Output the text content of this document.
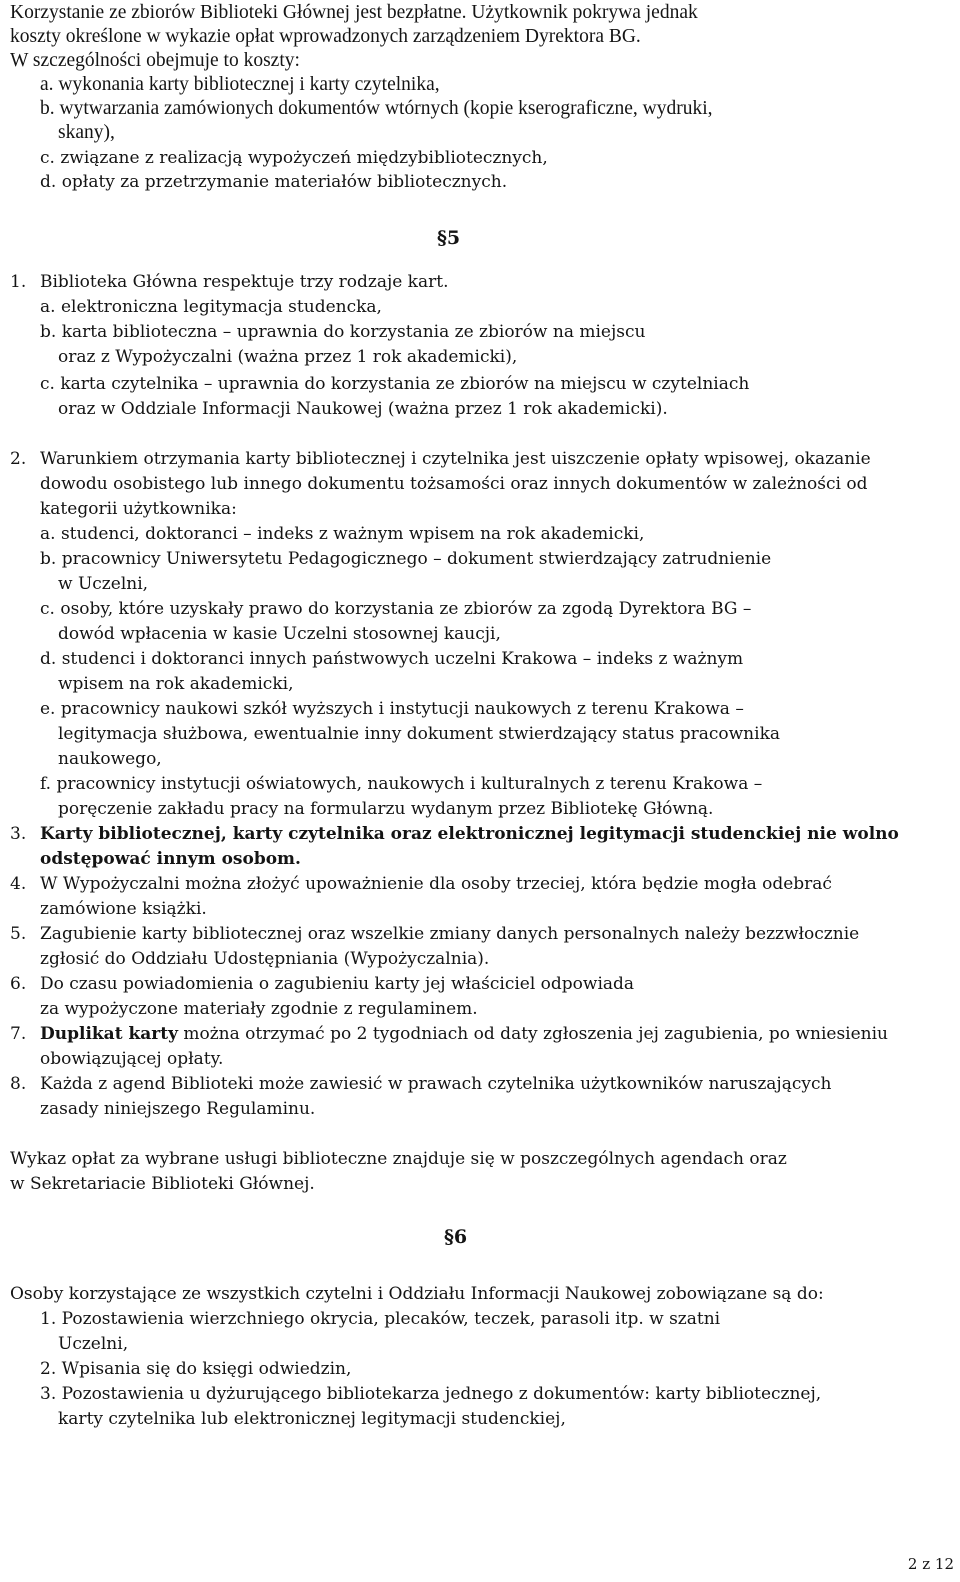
Korzystanie ze zbiorów Biblioteki Głównej jest bezpłatne. Użytkownik pokrywa jednak
koszty określone w wykazie opłat wprowadzonych zarządzeniem Dyrektora BG.
W szczególności obejmuje to koszty:
a. wykonania karty bibliotecznej i karty czytelnika,
b. wytwarzania zamówionych dokumentów wtórnych (kopie kserograficzne, wydruki,
skany),
c. związane z realizacją wypożyczeń międzybibliotecznych,
d. opłaty za przetrzymanie materiałów bibliotecznych.
§5
1. Biblioteka Główna respektuje trzy rodzaje kart.
a. elektroniczna legitymacja studencka,
b. karta biblioteczna – uprawnia do korzystania ze zbiorów na miejscu
oraz z Wypożyczalni (ważna przez 1 rok akademicki),
c. karta czytelnika – uprawnia do korzystania ze zbiorów na miejscu w czytelniach
oraz w Oddziale Informacji Naukowej (ważna przez 1 rok akademicki).
2. Warunkiem otrzymania karty bibliotecznej i czytelnika jest uiszczenie opłaty wpisowej, okazanie
dowodu osobistego lub innego dokumentu tożsamości oraz innych dokumentów w zależności od
kategorii użytkownika:
a. studenci, doktoranci – indeks z ważnym wpisem na rok akademicki,
b. pracownicy Uniwersytetu Pedagogicznego – dokument stwierdzający zatrudnienie
w Uczelni,
c. osoby, które uzyskały prawo do korzystania ze zbiorów za zgodą Dyrektora BG –
dowód wpłacenia w kasie Uczelni stosownej kaucji,
d. studenci i doktoranci innych państwowych uczelni Krakowa – indeks z ważnym
wpisem na rok akademicki,
e. pracownicy naukowi szkół wyższych i instytucji naukowych z terenu Krakowa –
legitymacja służbowa, ewentualnie inny dokument stwierdzający status pracownika
naukowego,
f. pracownicy instytucji oświatowych, naukowych i kulturalnych z terenu Krakowa –
poręczenie zakładu pracy na formularzu wydanym przez Bibliotekę Główną.
3. Karty bibliotecznej, karty czytelnika oraz elektronicznej legitymacji studenckiej nie wolno
odstępować innym osobom.
4. W Wypożyczalni można złożyć upoważnienie dla osoby trzeciej, która będzie mogła odebrać
zamówione książki.
5. Zagubienie karty bibliotecznej oraz wszelkie zmiany danych personalnych należy bezzwłocznie
zgłosić do Oddziału Udostępniania (Wypożyczalnia).
6. Do czasu powiadomienia o zagubieniu karty jej właściciel odpowiada
za wypożyczone materiały zgodnie z regulaminem.
7. Duplikat karty można otrzymać po 2 tygodniach od daty zgłoszenia jej zagubienia, po wniesieniu
obowiązującej opłaty.
8. Każda z agend Biblioteki może zawiesić w prawach czytelnika użytkowników naruszających
zasady niniejszego Regulaminu.
Wykaz opłat za wybrane usługi biblioteczne znajduje się w poszczególnych agendach oraz
w Sekretariacie Biblioteki Głównej.
§6
Osoby korzystające ze wszystkich czytelni i Oddziału Informacji Naukowej zobowiązane są do:
1. Pozostawienia wierzchniego okrycia, plecaków, teczek, parasoli itp. w szatni
Uczelni,
2. Wpisania się do księgi odwiedzin,
3. Pozostawienia u dyżurującego bibliotekarza jednego z dokumentów: karty bibliotecznej,
karty czytelnika lub elektronicznej legitymacji studenckiej,
2 z 12
